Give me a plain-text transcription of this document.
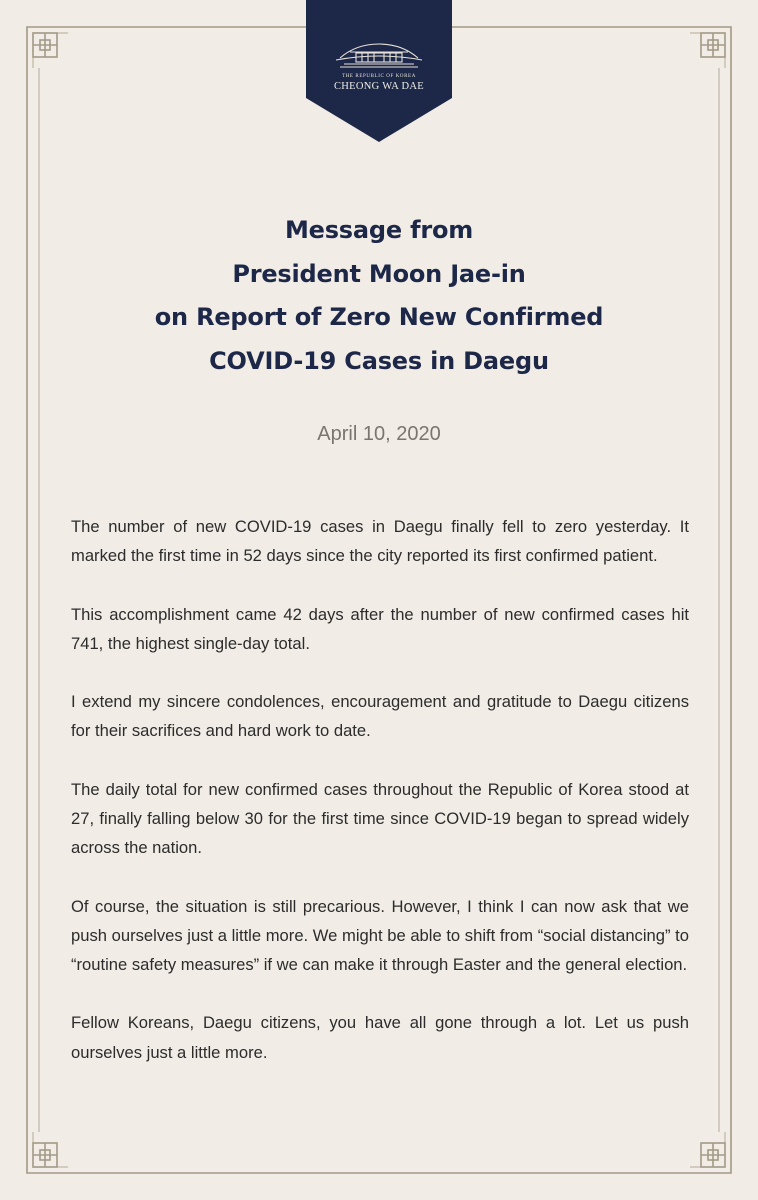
THE REPUBLIC OF KOREA
CHEONG WA DAE
Message from
President Moon Jae-in
on Report of Zero New Confirmed
COVID-19 Cases in Daegu
April 10, 2020

The number of new COVID-19 cases in Daegu finally fell to zero yesterday. It marked the first time in 52 days since the city reported its first confirmed patient.

This accomplishment came 42 days after the number of new confirmed cases hit 741, the highest single-day total.

I extend my sincere condolences, encouragement and gratitude to Daegu citizens for their sacrifices and hard work to date.

The daily total for new confirmed cases throughout the Republic of Korea stood at 27, finally falling below 30 for the first time since COVID-19 began to spread widely across the nation.

Of course, the situation is still precarious. However, I think I can now ask that we push ourselves just a little more. We might be able to shift from “social distancing” to “routine safety measures” if we can make it through Easter and the general election.

Fellow Koreans, Daegu citizens, you have all gone through a lot. Let us push ourselves just a little more.
